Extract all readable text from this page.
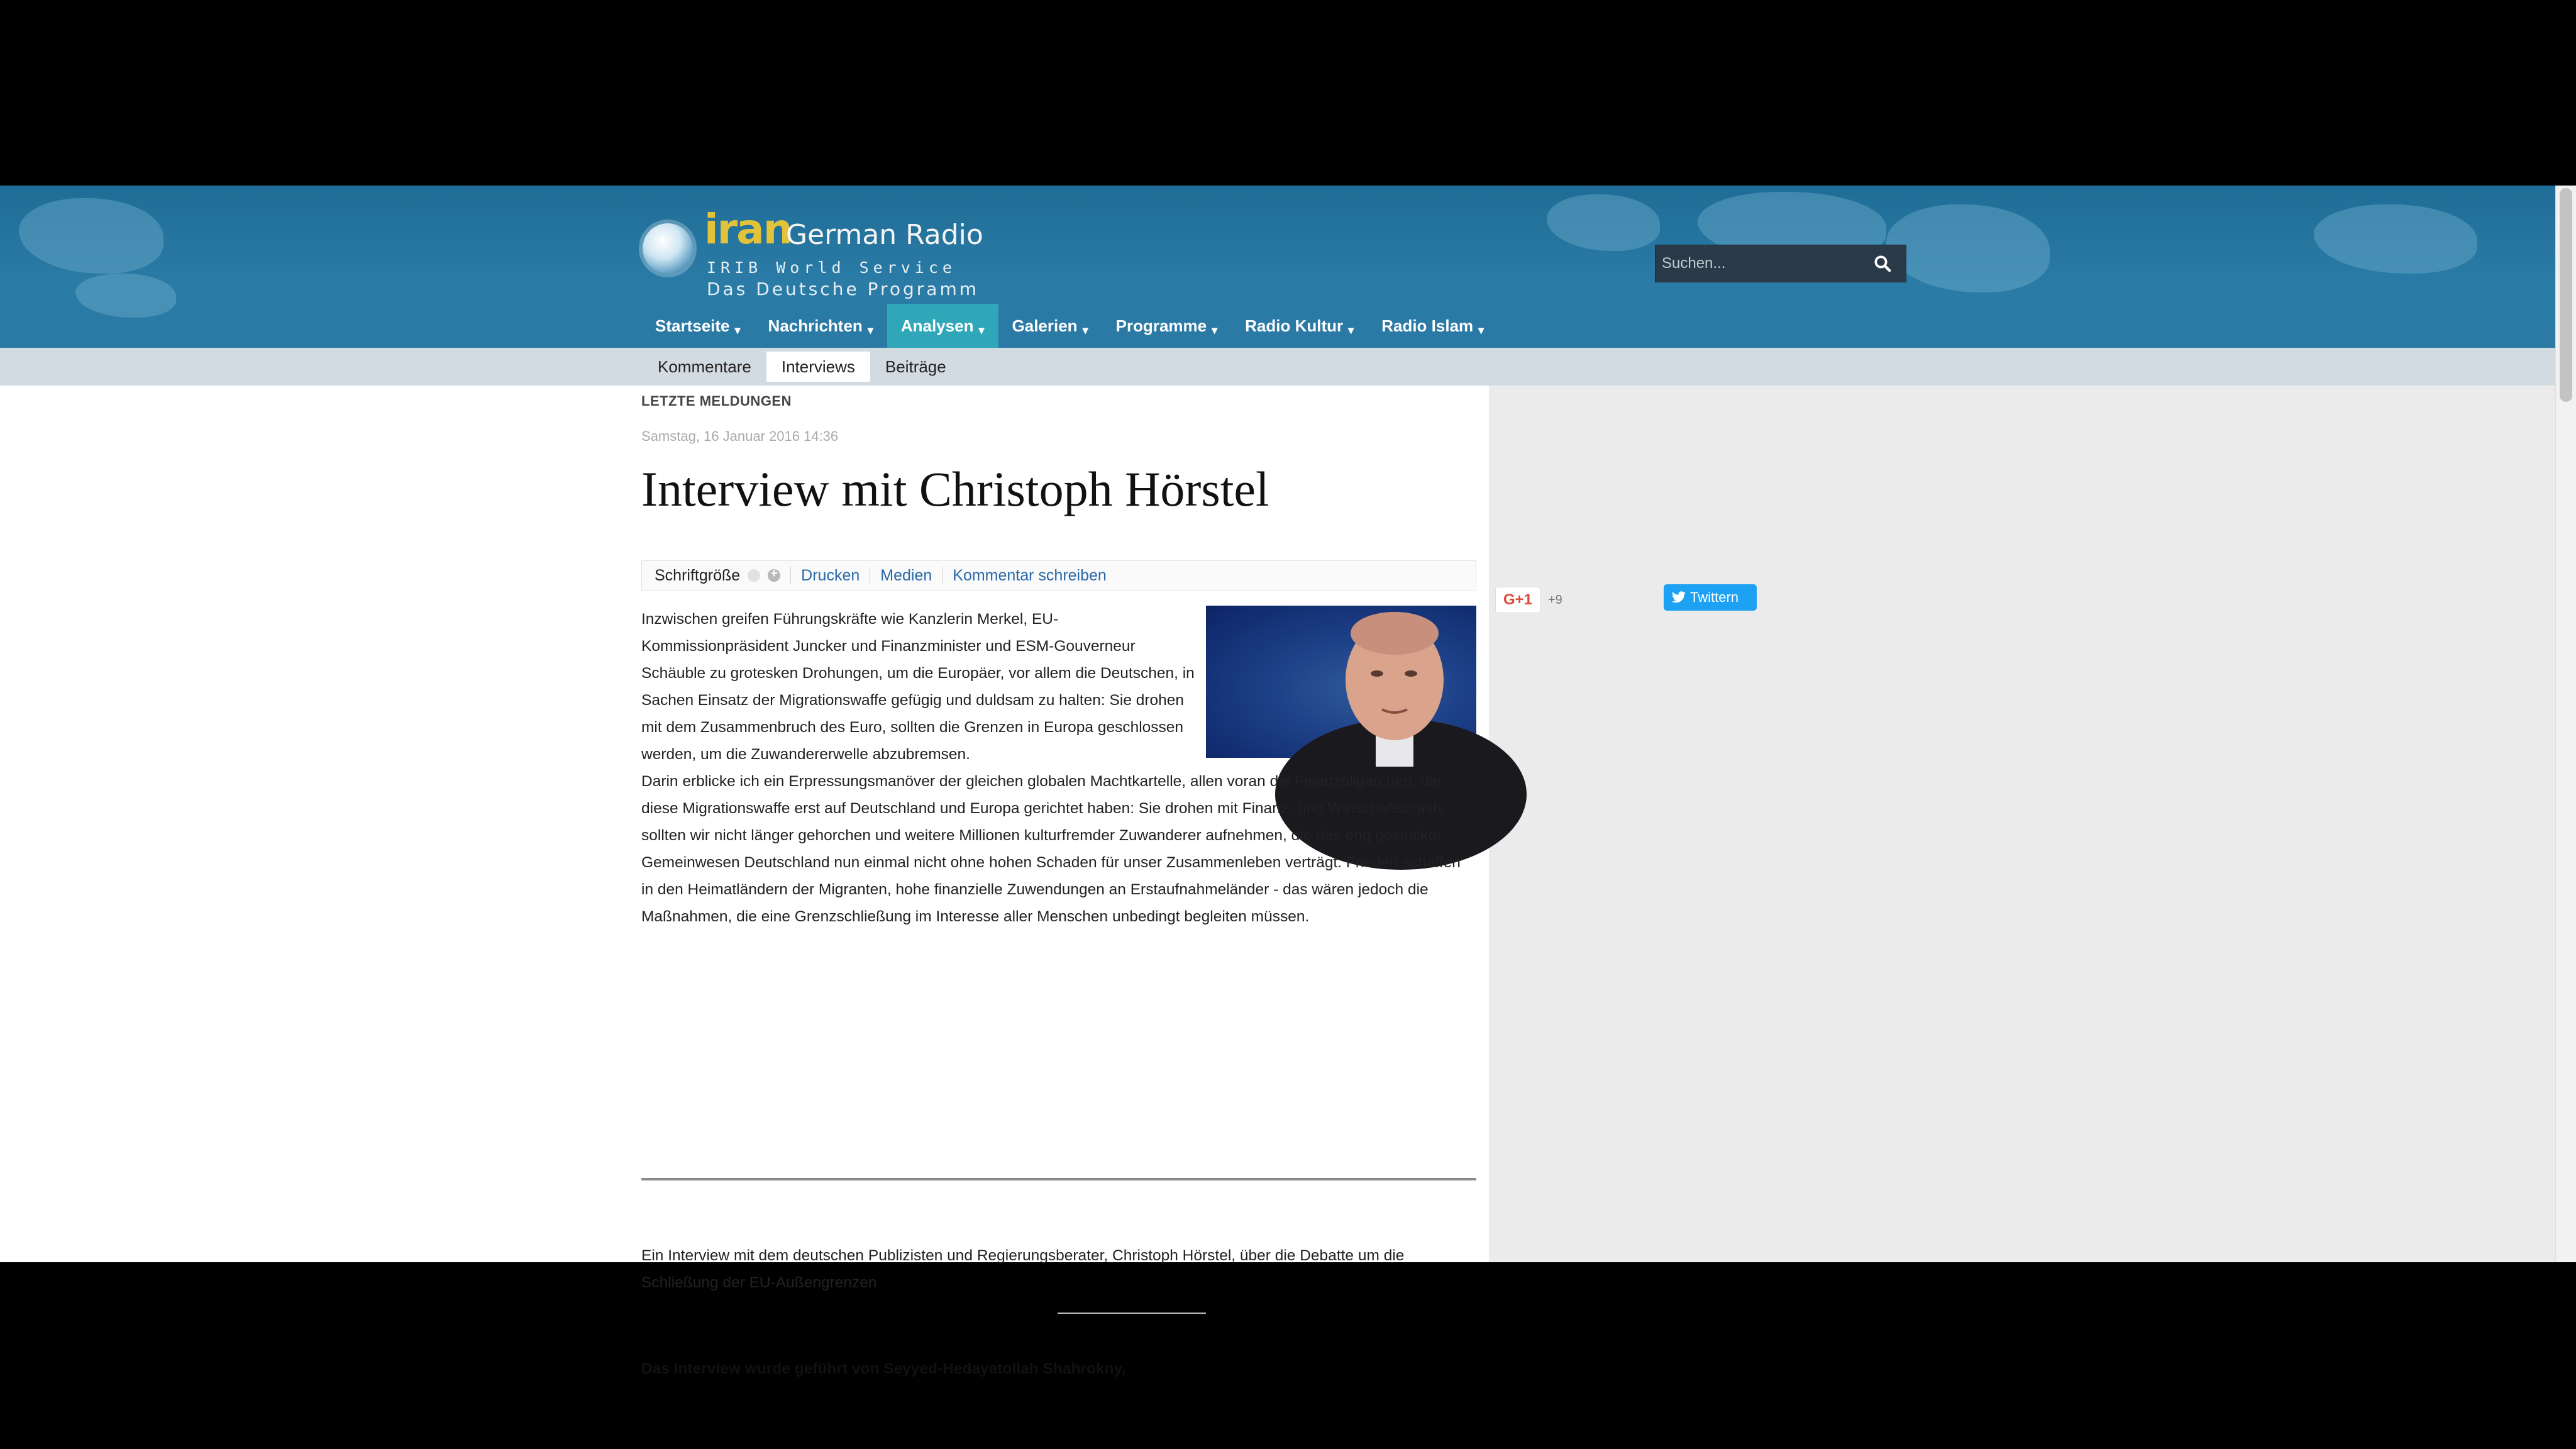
iran
German Radio
IRIB World Service
Das Deutsche Programm
Suchen...
Startseite ▾	Nachrichten ▾	Analysen ▾	Galerien ▾	Programme ▾	Radio Kultur ▾	Radio Islam ▾
Kommentare	Interviews	Beiträge
LETZTE MELDUNGEN
Samstag, 16 Januar 2016 14:36
Interview mit Christoph Hörstel
Schriftgröße
+	Drucken Medien Kommentar schreiben

Inzwischen greifen Führungskräfte wie Kanzlerin Merkel, EU-Kommissionpräsident Juncker und Finanzminister und ESM-Gouverneur Schäuble zu grotesken Drohungen, um die Europäer, vor allem die Deutschen, in Sachen Einsatz der Migrationswaffe gefügig und duldsam zu halten: Sie drohen mit dem Zusammenbruch des Euro, sollten die Grenzen in Europa geschlossen werden, um die Zuwandererwelle abzubremsen.

Darin erblicke ich ein Erpressungsmanöver der gleichen globalen Machtkartelle, allen voran die Finanzoligarchen, die diese Migrationswaffe erst auf Deutschland und Europa gerichtet haben: Sie drohen mit Finanz- und Wirtschaftscrash, sollten wir nicht länger gehorchen und weitere Millionen kulturfremder Zuwanderer aufnehmen, die das eng gestrickte Gemeinwesen Deutschland nun einmal nicht ohne hohen Schaden für unser Zusammenleben verträgt. Frieden schaffen in den Heimatländern der Migranten, hohe finanzielle Zuwendungen an Erstaufnahmeländer - das wären jedoch die Maßnahmen, die eine Grenzschließung im Interesse aller Menschen unbedingt begleiten müssen.

Ein Interview mit dem deutschen Publizisten und Regierungsberater, Christoph Hörstel, über die Debatte um die Schließung der EU-Außengrenzen

Das Interview wurde geführt von Seyyed-Hedayatollah Shahrokny,
G+1	+9	Twittern
